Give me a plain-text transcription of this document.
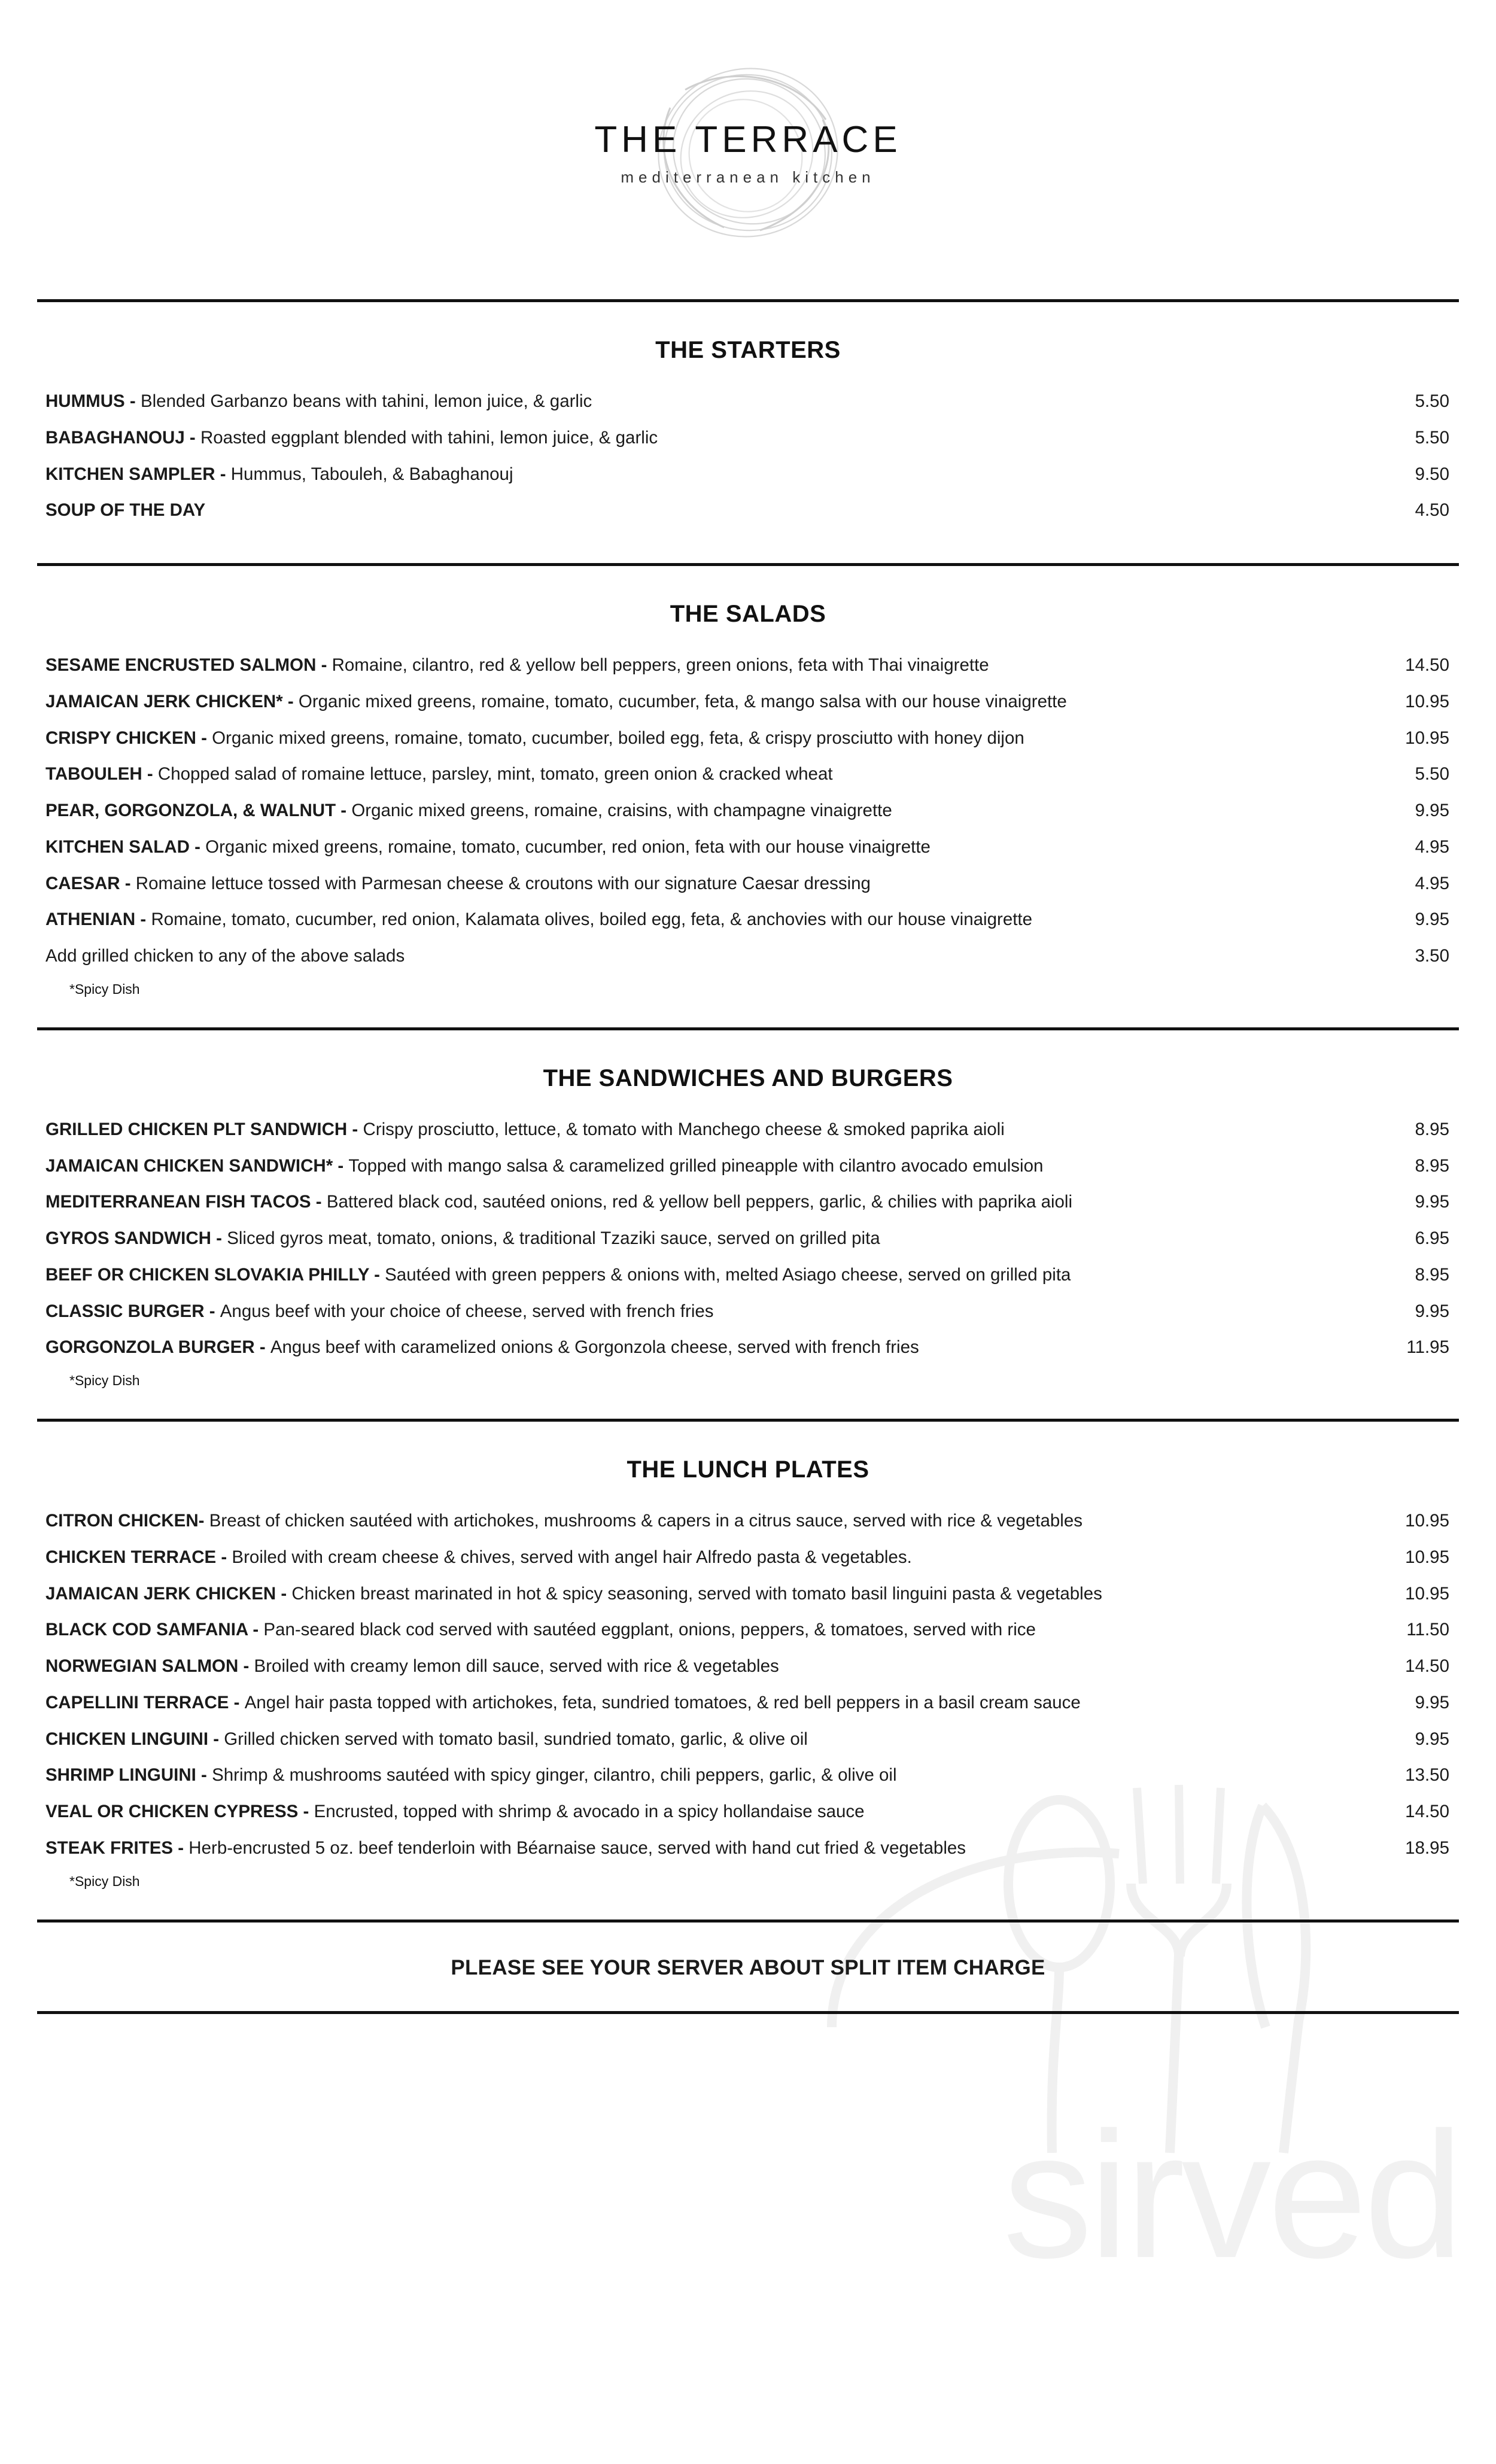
sirved
THE TERRACE
mediterranean kitchen
THE STARTERS
HUMMUS - Blended Garbanzo beans with tahini, lemon juice, & garlic	5.50
BABAGHANOUJ - Roasted eggplant blended with tahini, lemon juice, & garlic	5.50
KITCHEN SAMPLER - Hummus, Tabouleh, & Babaghanouj	9.50
SOUP OF THE DAY	4.50
THE SALADS
SESAME ENCRUSTED SALMON - Romaine, cilantro, red & yellow bell peppers, green onions, feta with Thai vinaigrette	14.50
JAMAICAN JERK CHICKEN* - Organic mixed greens, romaine, tomato, cucumber, feta, & mango salsa with our house vinaigrette	10.95
CRISPY CHICKEN - Organic mixed greens, romaine, tomato, cucumber, boiled egg, feta, & crispy prosciutto with honey dijon	10.95
TABOULEH - Chopped salad of romaine lettuce, parsley, mint, tomato, green onion & cracked wheat	5.50
PEAR, GORGONZOLA, & WALNUT - Organic mixed greens, romaine, craisins, with champagne vinaigrette	9.95
KITCHEN SALAD - Organic mixed greens, romaine, tomato, cucumber, red onion, feta with our house vinaigrette	4.95
CAESAR - Romaine lettuce tossed with Parmesan cheese & croutons with our signature Caesar dressing	4.95
ATHENIAN - Romaine, tomato, cucumber, red onion, Kalamata olives, boiled egg, feta, & anchovies with our house vinaigrette	9.95
Add grilled chicken to any of the above salads	3.50
*Spicy Dish
THE SANDWICHES AND BURGERS
GRILLED CHICKEN PLT SANDWICH - Crispy prosciutto, lettuce, & tomato with Manchego cheese & smoked paprika aioli	8.95
JAMAICAN CHICKEN SANDWICH* - Topped with mango salsa & caramelized grilled pineapple with cilantro avocado emulsion	8.95
MEDITERRANEAN FISH TACOS - Battered black cod, sautéed onions, red & yellow bell peppers, garlic, & chilies with paprika aioli	9.95
GYROS SANDWICH - Sliced gyros meat, tomato, onions, & traditional Tzaziki sauce, served on grilled pita	6.95
BEEF OR CHICKEN SLOVAKIA PHILLY - Sautéed with green peppers & onions with, melted Asiago cheese, served on grilled pita	8.95
CLASSIC BURGER - Angus beef with your choice of cheese, served with french fries	9.95
GORGONZOLA BURGER - Angus beef with caramelized onions & Gorgonzola cheese, served with french fries	11.95
*Spicy Dish
THE LUNCH PLATES
CITRON CHICKEN- Breast of chicken sautéed with artichokes, mushrooms & capers in a citrus sauce, served with rice & vegetables	10.95
CHICKEN TERRACE - Broiled with cream cheese & chives, served with angel hair Alfredo pasta & vegetables.	10.95
JAMAICAN JERK CHICKEN - Chicken breast marinated in hot & spicy seasoning, served with tomato basil linguini pasta & vegetables	10.95
BLACK COD SAMFANIA - Pan-seared black cod served with sautéed eggplant, onions, peppers, & tomatoes, served with rice	11.50
NORWEGIAN SALMON - Broiled with creamy lemon dill sauce, served with rice & vegetables	14.50
CAPELLINI TERRACE - Angel hair pasta topped with artichokes, feta, sundried tomatoes, & red bell peppers in a basil cream sauce	9.95
CHICKEN LINGUINI - Grilled chicken served with tomato basil, sundried tomato, garlic, & olive oil	9.95
SHRIMP LINGUINI - Shrimp & mushrooms sautéed with spicy ginger, cilantro, chili peppers, garlic, & olive oil	13.50
VEAL OR CHICKEN CYPRESS - Encrusted, topped with shrimp & avocado in a spicy hollandaise sauce	14.50
STEAK FRITES - Herb-encrusted 5 oz. beef tenderloin with Béarnaise sauce, served with hand cut fried & vegetables	18.95
*Spicy Dish
PLEASE SEE YOUR SERVER ABOUT SPLIT ITEM CHARGE
